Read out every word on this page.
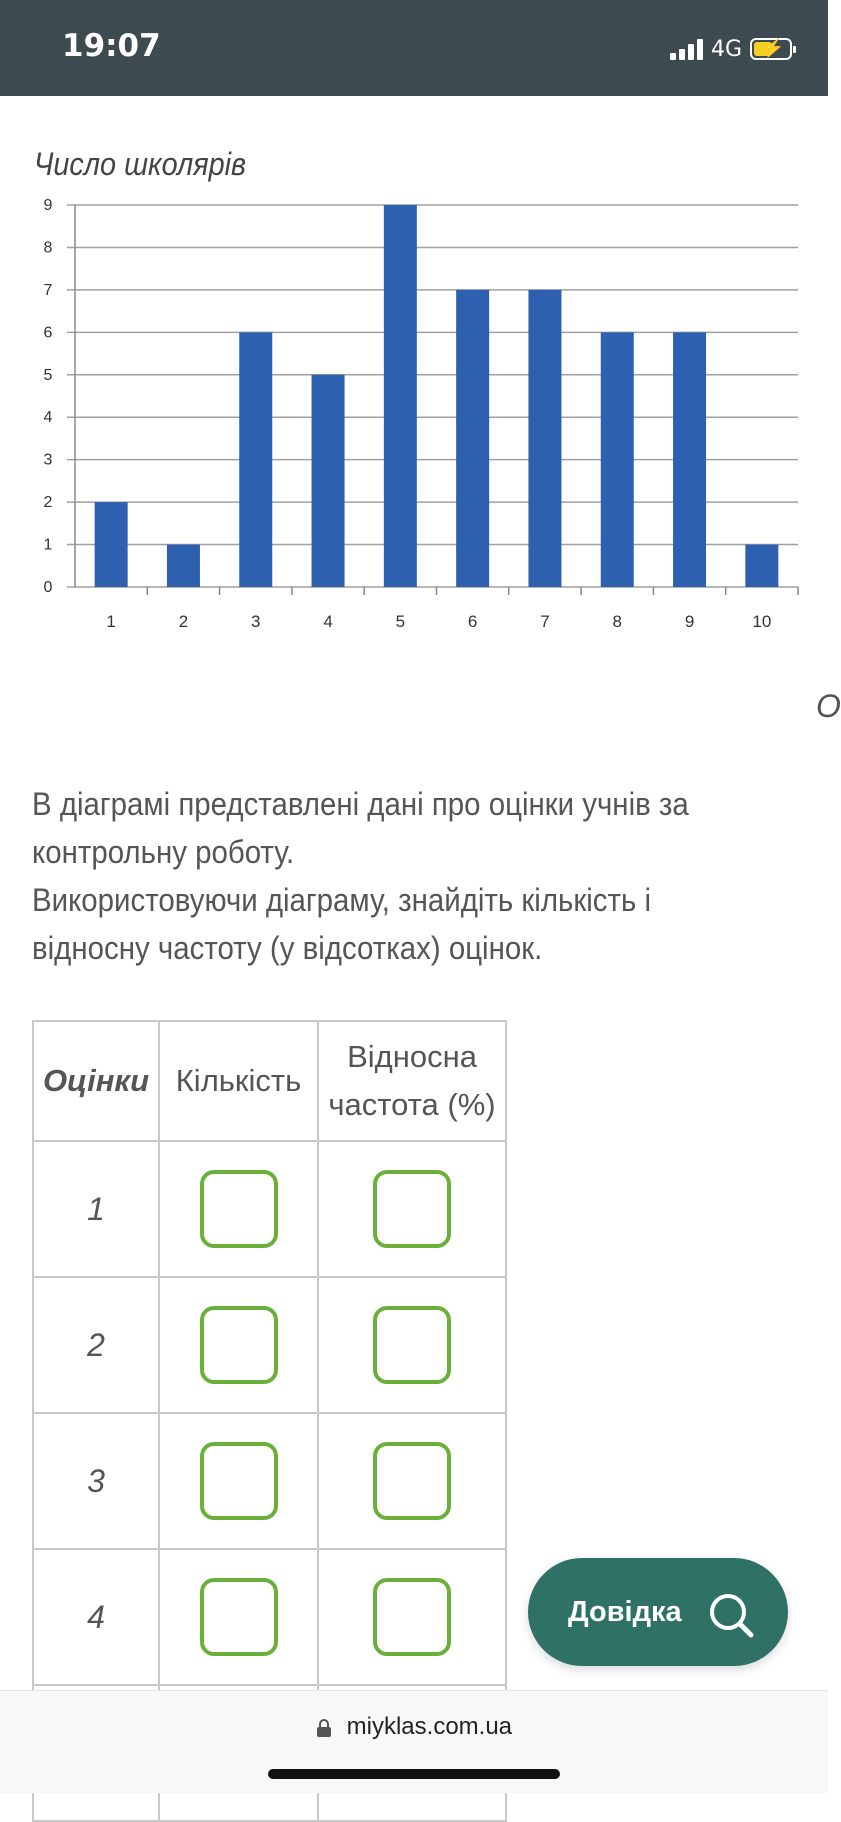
19:07	4G ⚡
Число школярів
0
1
2
3
4
5
6
7
8
9
1	2	3	4	5	6	7	8	9	10
О
В діаграмі представлені дані про оцінки учнів за контрольну роботу.
Використовуючи діаграму, знайдіть кількість і відносну частоту (у відсотках) оцінок.
Оцінки	Кількість	Відносна частота (%)
1		
2		
3		
4		
			Довідка
miyklas.com.ua
